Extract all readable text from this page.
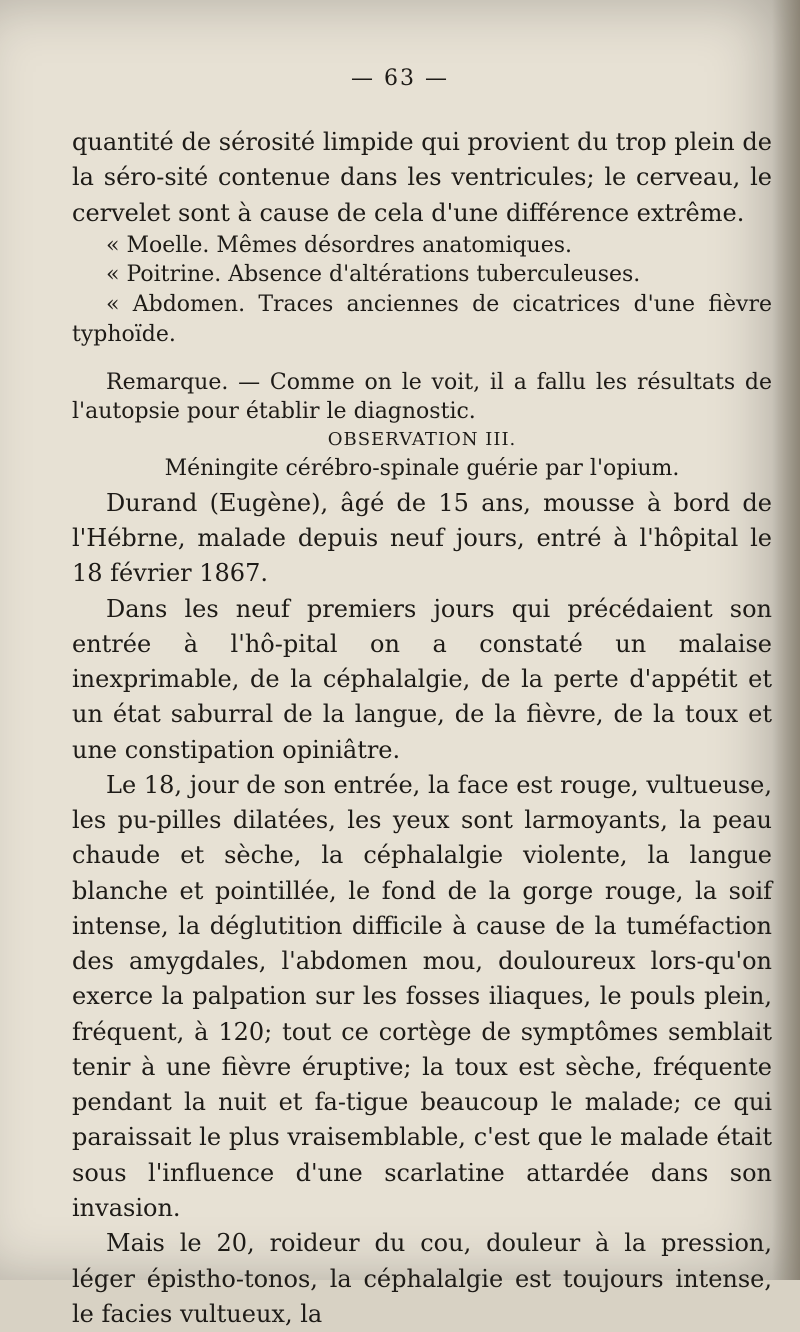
— 63 —

quantité de sérosité limpide qui provient du trop plein de la séro-sité contenue dans les ventricules; le cerveau, le cervelet sont à cause de cela d'une différence extrême.

« Moelle. Mêmes désordres anatomiques.

« Poitrine. Absence d'altérations tuberculeuses.

« Abdomen. Traces anciennes de cicatrices d'une fièvre typhoïde.

Remarque. — Comme on le voit, il a fallu les résultats de l'autopsie pour établir le diagnostic.

OBSERVATION III.

Méningite cérébro-spinale guérie par l'opium.

Durand (Eugène), âgé de 15 ans, mousse à bord de l'Hébrne, malade depuis neuf jours, entré à l'hôpital le 18 février 1867.

Dans les neuf premiers jours qui précédaient son entrée à l'hô-pital on a constaté un malaise inexprimable, de la céphalalgie, de la perte d'appétit et un état saburral de la langue, de la fièvre, de la toux et une constipation opiniâtre.

Le 18, jour de son entrée, la face est rouge, vultueuse, les pu-pilles dilatées, les yeux sont larmoyants, la peau chaude et sèche, la céphalalgie violente, la langue blanche et pointillée, le fond de la gorge rouge, la soif intense, la déglutition difficile à cause de la tuméfaction des amygdales, l'abdomen mou, douloureux lors-qu'on exerce la palpation sur les fosses iliaques, le pouls plein, fréquent, à 120; tout ce cortège de symptômes semblait tenir à une fièvre éruptive; la toux est sèche, fréquente pendant la nuit et fa-tigue beaucoup le malade; ce qui paraissait le plus vraisemblable, c'est que le malade était sous l'influence d'une scarlatine attardée dans son invasion.

Mais le 20, roideur du cou, douleur à la pression, léger épistho-tonos, la céphalalgie est toujours intense, le facies vultueux, la
